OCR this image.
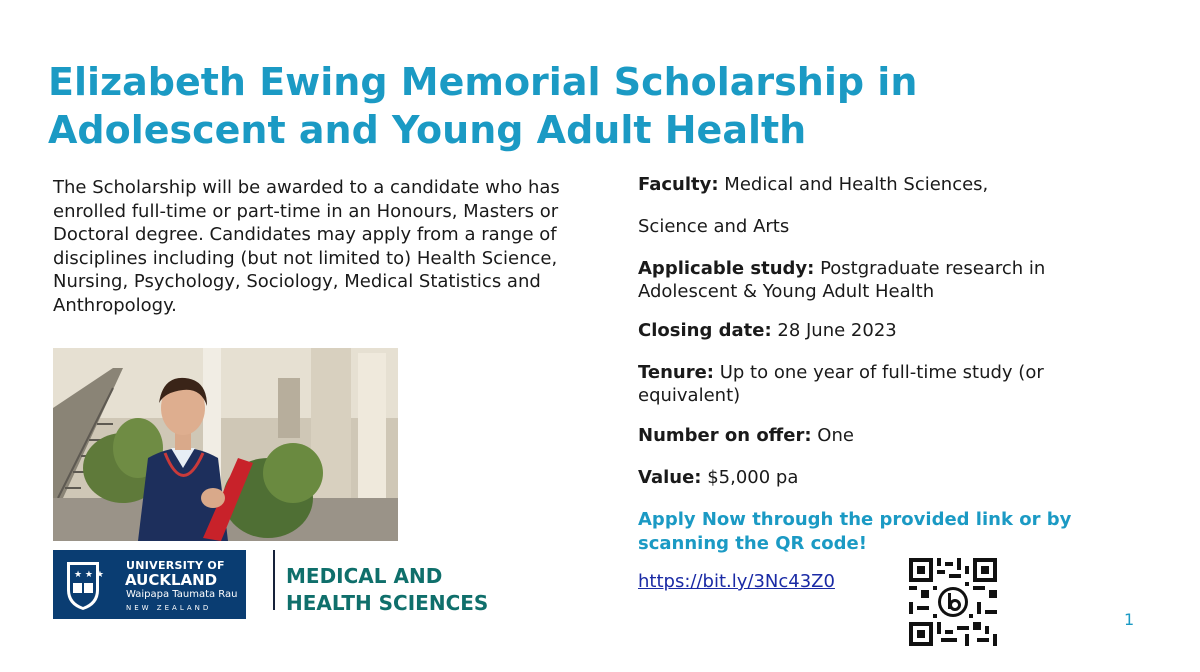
Elizabeth Ewing Memorial Scholarship in
Adolescent and Young Adult Health

The Scholarship will be awarded to a candidate who has enrolled full-time or part-time in an Honours, Masters or Doctoral degree. Candidates may apply from a range of disciplines including (but not limited to) Health Science, Nursing, Psychology, Sociology, Medical Statistics and Anthropology.

★ ★ ★
UNIVERSITY OF
AUCKLAND
Waipapa Taumata Rau
NEW ZEALAND
MEDICAL AND
HEALTH SCIENCES

Faculty: Medical and Health Sciences,

Science and Arts

Applicable study: Postgraduate research in Adolescent & Young Adult Health

Closing date: 28 June 2023

Tenure: Up to one year of full-time study (or equivalent)

Number on offer: One

Value: $5,000 pa

Apply Now through the provided link or by scanning the QR code!

https://bit.ly/3Nc43Z0
1
